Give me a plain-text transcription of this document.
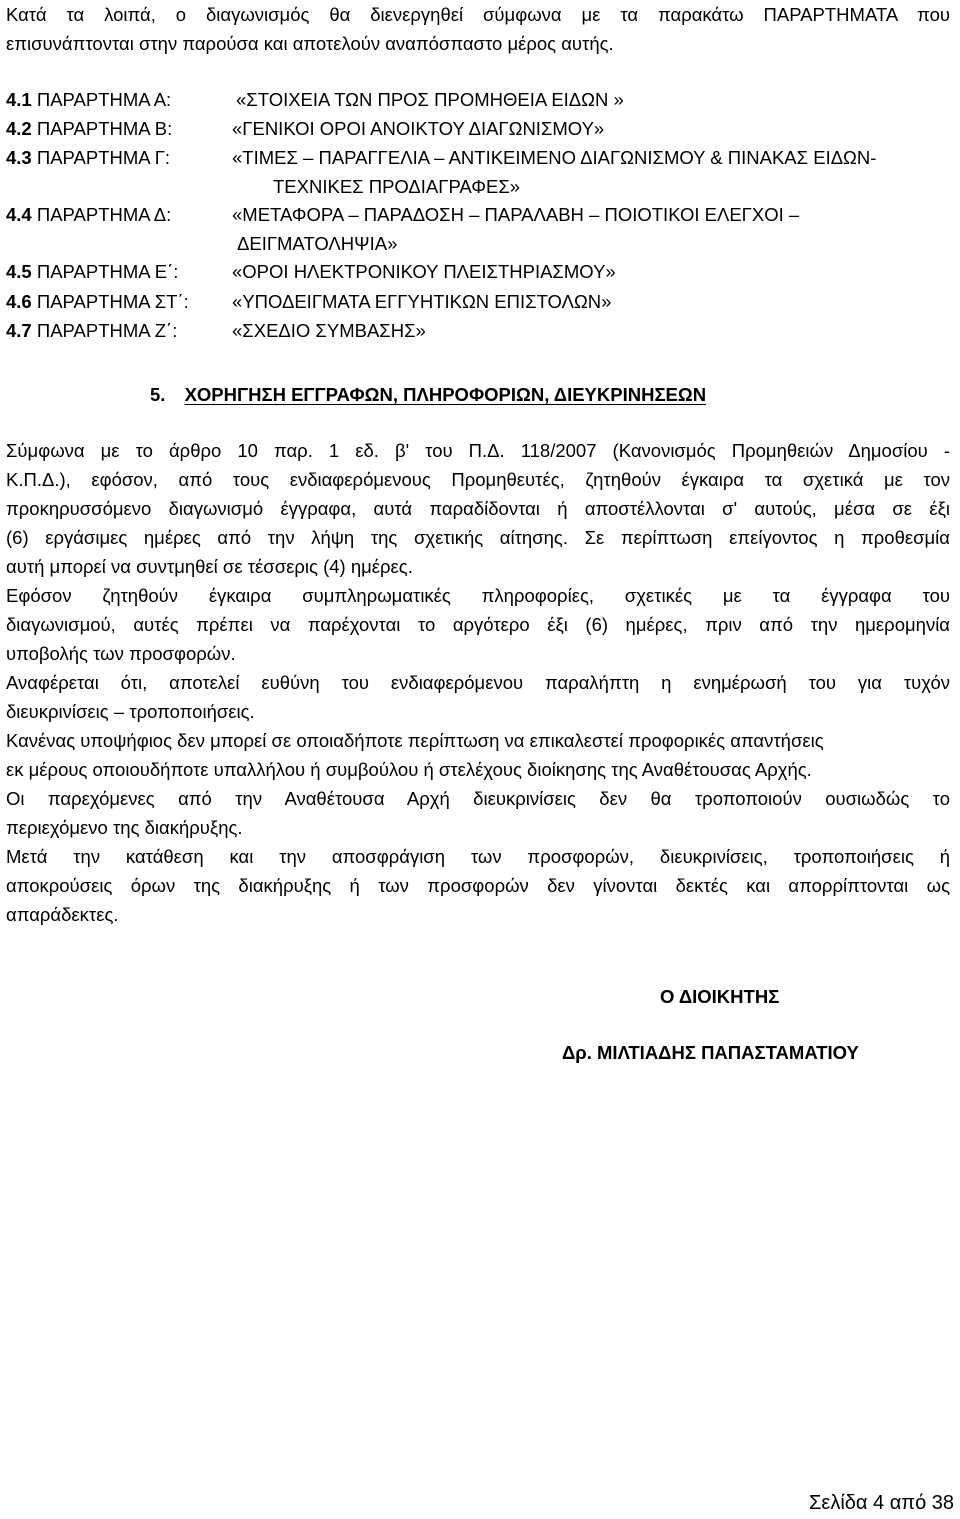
Κατά τα λοιπά, ο διαγωνισμός θα διενεργηθεί σύμφωνα με τα παρακάτω ΠΑΡΑΡΤΗΜΑΤΑ που
επισυνάπτονται στην παρούσα και αποτελούν αναπόσπαστο μέρος αυτής.
4.1 ΠΑΡΑΡΤΗΜΑ Α:	«ΣΤΟΙΧΕΙΑ ΤΩΝ ΠΡΟΣ ΠΡΟΜΗΘΕΙΑ ΕΙΔΩΝ »
4.2 ΠΑΡΑΡΤΗΜΑ Β:	«ΓΕΝΙΚΟΙ ΟΡΟΙ ΑΝΟΙΚΤΟΥ ΔΙΑΓΩΝΙΣΜΟΥ»
4.3 ΠΑΡΑΡΤΗΜΑ Γ:	«ΤΙΜΕΣ – ΠΑΡΑΓΓΕΛΙΑ – ΑΝΤΙΚΕΙΜΕΝΟ ΔΙΑΓΩΝΙΣΜΟΥ & ΠΙΝΑΚΑΣ ΕΙΔΩΝ-
ΤΕΧΝΙΚΕΣ ΠΡΟΔΙΑΓΡΑΦΕΣ»
4.4 ΠΑΡΑΡΤΗΜΑ Δ:	«ΜΕΤΑΦΟΡΑ – ΠΑΡΑΔΟΣΗ – ΠΑΡΑΛΑΒΗ – ΠΟΙΟΤΙΚΟΙ ΕΛΕΓΧΟΙ –
ΔΕΙΓΜΑΤΟΛΗΨΙΑ»
4.5 ΠΑΡΑΡΤΗΜΑ Ε΄:	«ΟΡΟΙ ΗΛΕΚΤΡΟΝΙΚΟΥ ΠΛΕΙΣΤΗΡΙΑΣΜΟΥ»
4.6 ΠΑΡΑΡΤΗΜΑ ΣΤ΄: «ΥΠΟΔΕΙΓΜΑΤΑ ΕΓΓΥΗΤΙΚΩΝ ΕΠΙΣΤΟΛΩΝ»
4.7 ΠΑΡΑΡΤΗΜΑ Ζ΄:	«ΣΧΕΔΙΟ ΣΥΜΒΑΣΗΣ»
5. ΧΟΡΗΓΗΣΗ ΕΓΓΡΑΦΩΝ, ΠΛΗΡΟΦΟΡΙΩΝ, ΔΙΕΥΚΡΙΝΗΣΕΩΝ
Σύμφωνα με το άρθρο 10 παρ. 1 εδ. β' του Π.Δ. 118/2007 (Κανονισμός Προμηθειών Δημοσίου -
Κ.Π.Δ.), εφόσον, από τους ενδιαφερόμενους Προμηθευτές, ζητηθούν έγκαιρα τα σχετικά με τον
προκηρυσσόμενο διαγωνισμό έγγραφα, αυτά παραδίδονται ή αποστέλλονται σ' αυτούς, μέσα σε έξι
(6) εργάσιμες ημέρες από την λήψη της σχετικής αίτησης. Σε περίπτωση επείγοντος η προθεσμία
αυτή μπορεί να συντμηθεί σε τέσσερις (4) ημέρες.
Εφόσον ζητηθούν έγκαιρα συμπληρωματικές πληροφορίες, σχετικές με τα έγγραφα του
διαγωνισμού, αυτές πρέπει να παρέχονται το αργότερο έξι (6) ημέρες, πριν από την ημερομηνία
υποβολής των προσφορών.
Αναφέρεται ότι, αποτελεί ευθύνη του ενδιαφερόμενου παραλήπτη η ενημέρωσή του για τυχόν
διευκρινίσεις – τροποποιήσεις.
Κανένας υποψήφιος δεν μπορεί σε οποιαδήποτε περίπτωση να επικαλεστεί προφορικές απαντήσεις
εκ μέρους οποιουδήποτε υπαλλήλου ή συμβούλου ή στελέχους διοίκησης της Αναθέτουσας Αρχής.
Οι παρεχόμενες από την Αναθέτουσα Αρχή διευκρινίσεις δεν θα τροποποιούν ουσιωδώς το
περιεχόμενο της διακήρυξης.
Μετά την κατάθεση και την αποσφράγιση των προσφορών, διευκρινίσεις, τροποποιήσεις ή
αποκρούσεις όρων της διακήρυξης ή των προσφορών δεν γίνονται δεκτές και απορρίπτονται ως
απαράδεκτες.
Ο ΔΙΟΙΚΗΤΗΣ
Δρ. ΜΙΛΤΙΑΔΗΣ ΠΑΠΑΣΤΑΜΑΤΙΟΥ
Σελίδα 4 από 38
